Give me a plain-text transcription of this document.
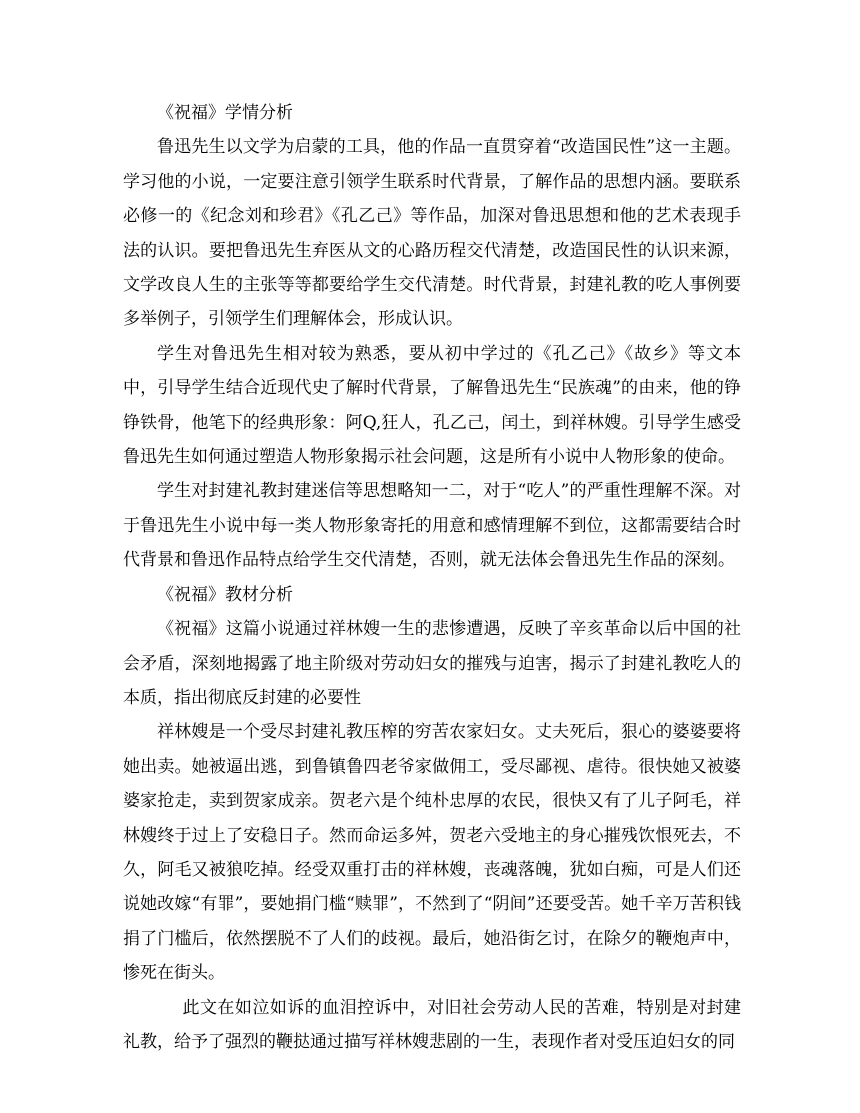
《祝福》学情分析

鲁迅先生以文学为启蒙的工具，他的作品一直贯穿着“改造国民性”这一主题。学习他的小说，一定要注意引领学生联系时代背景，了解作品的思想内涵。要联系必修一的《纪念刘和珍君》《孔乙己》等作品，加深对鲁迅思想和他的艺术表现手法的认识。要把鲁迅先生弃医从文的心路历程交代清楚，改造国民性的认识来源，文学改良人生的主张等等都要给学生交代清楚。时代背景，封建礼教的吃人事例要多举例子，引领学生们理解体会，形成认识。

学生对鲁迅先生相对较为熟悉，要从初中学过的《孔乙己》《故乡》等文本中，引导学生结合近现代史了解时代背景，了解鲁迅先生“民族魂”的由来，他的铮铮铁骨，他笔下的经典形象：阿Q,狂人，孔乙己，闰土，到祥林嫂。引导学生感受鲁迅先生如何通过塑造人物形象揭示社会问题，这是所有小说中人物形象的使命。

学生对封建礼教封建迷信等思想略知一二，对于“吃人”的严重性理解不深。对于鲁迅先生小说中每一类人物形象寄托的用意和感情理解不到位，这都需要结合时代背景和鲁迅作品特点给学生交代清楚，否则，就无法体会鲁迅先生作品的深刻。

《祝福》教材分析

《祝福》这篇小说通过祥林嫂一生的悲惨遭遇，反映了辛亥革命以后中国的社会矛盾，深刻地揭露了地主阶级对劳动妇女的摧残与迫害，揭示了封建礼教吃人的本质，指出彻底反封建的必要性

祥林嫂是一个受尽封建礼教压榨的穷苦农家妇女。丈夫死后，狠心的婆婆要将她出卖。她被逼出逃，到鲁镇鲁四老爷家做佣工，受尽鄙视、虐待。很快她又被婆婆家抢走，卖到贺家成亲。贺老六是个纯朴忠厚的农民，很快又有了儿子阿毛，祥林嫂终于过上了安稳日子。然而命运多舛，贺老六受地主的身心摧残饮恨死去，不久，阿毛又被狼吃掉。经受双重打击的祥林嫂，丧魂落魄，犹如白痴，可是人们还说她改嫁“有罪”，要她捐门槛“赎罪”，不然到了“阴间”还要受苦。她千辛万苦积钱捐了门槛后，依然摆脱不了人们的歧视。最后，她沿街乞讨，在除夕的鞭炮声中，惨死在街头。

此文在如泣如诉的血泪控诉中，对旧社会劳动人民的苦难，特别是对封建礼教，给予了强烈的鞭挞通过描写祥林嫂悲剧的一生，表现作者对受压迫妇女的同
